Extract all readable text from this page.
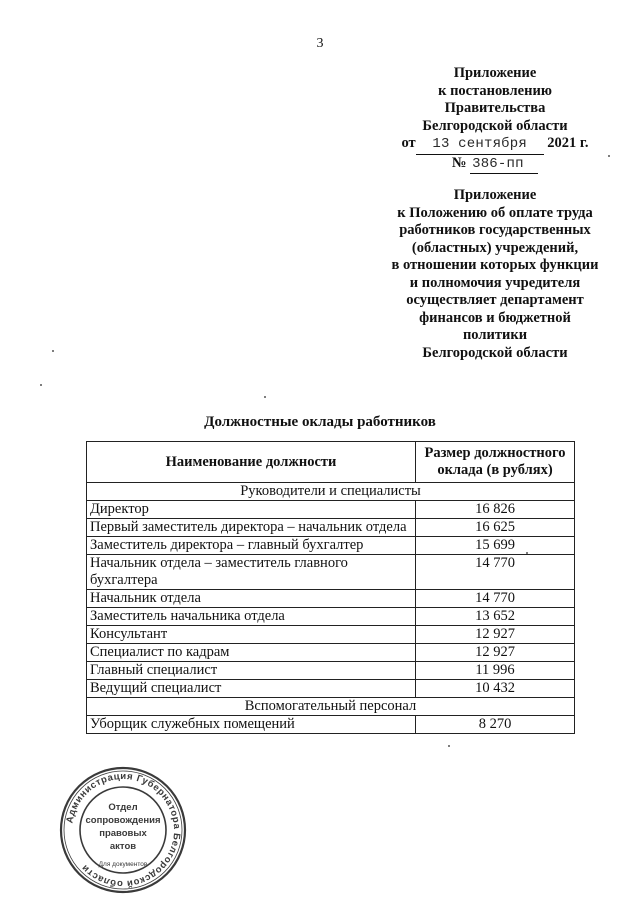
3
Приложение
к постановлению
Правительства
Белгородской области
от 13 сентября 2021 г.
№ 386-пп
Приложение
к Положению об оплате труда
работников государственных
(областных) учреждений,
в отношении которых функции
и полномочия учредителя
осуществляет департамент
финансов и бюджетной
политики
Белгородской области
Должностные оклады работников
Наименование должности	Размер должностного оклада (в рублях)
Руководители и специалисты	
Директор	16 826
Первый заместитель директора – начальник отдела	16 625
Заместитель директора – главный бухгалтер	15 699
Начальник отдела – заместитель главного бухгалтера	14 770
Начальник отдела	14 770
Заместитель начальника отдела	13 652
Консультант	12 927
Специалист по кадрам	12 927
Главный специалист	11 996
Ведущий специалист	10 432
Вспомогательный персонал	
Уборщик служебных помещений	8 270
Администрация Губернатора Белгородской области
Отдел
сопровождения
правовых
актов
Для документов
